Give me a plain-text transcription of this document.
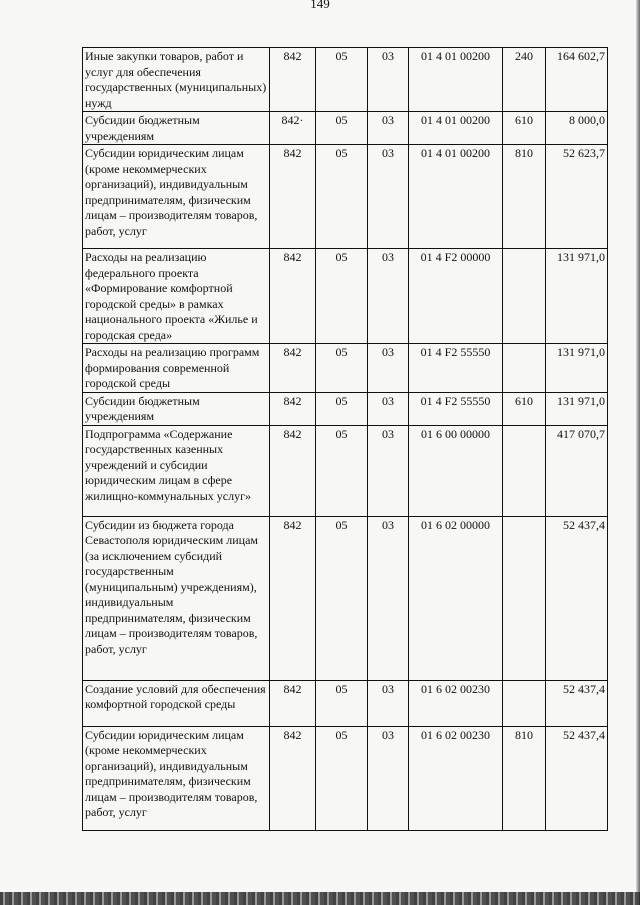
149
Иные закупки товаров, работ и услуг для обеспечения государственных (муниципальных) нужд	842	05	03	01 4 01 00200	240	164 602,7
Субсидии бюджетным учреждениям	842·	05	03	01 4 01 00200	610	8 000,0
Субсидии юридическим лицам (кроме некоммерческих организаций), индивидуальным предпринимателям, физическим лицам – производителям товаров, работ, услуг	842	05	03	01 4 01 00200	810	52 623,7
Расходы на реализацию федерального проекта «Формирование комфортной городской среды» в рамках национального проекта «Жилье и городская среда»	842	05	03	01 4 F2 00000		131 971,0
Расходы на реализацию программ формирования современной городской среды	842	05	03	01 4 F2 55550		131 971,0
Субсидии бюджетным учреждениям	842	05	03	01 4 F2 55550	610	131 971,0
Подпрограмма «Содержание государственных казенных учреждений и субсидии юридическим лицам в сфере жилищно-коммунальных услуг»	842	05	03	01 6 00 00000		417 070,7
Субсидии из бюджета города Севастополя юридическим лицам (за исключением субсидий государственным (муниципальным) учреждениям), индивидуальным предпринимателям, физическим лицам – производителям товаров, работ, услуг	842	05	03	01 6 02 00000		52 437,4
Создание условий для обеспечения комфортной городской среды	842	05	03	01 6 02 00230		52 437,4
Субсидии юридическим лицам (кроме некоммерческих организаций), индивидуальным предпринимателям, физическим лицам – производителям товаров, работ, услуг	842	05	03	01 6 02 00230	810	52 437,4
